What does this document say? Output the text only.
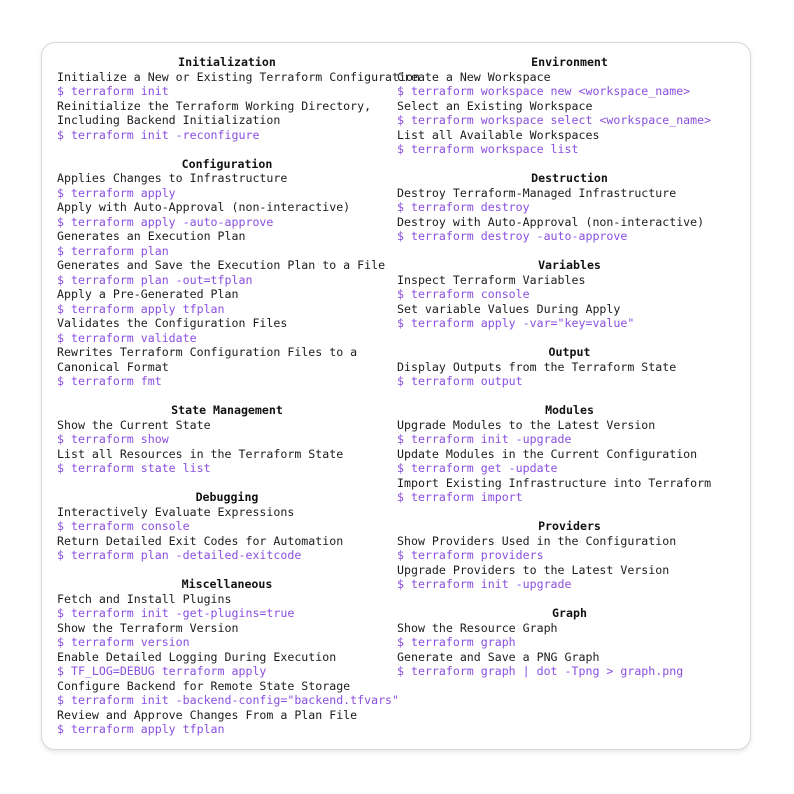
Initialization
Initialize a New or Existing Terraform Configuration
$ terraform init
Reinitialize the Terraform Working Directory,
Including Backend Initialization
$ terraform init -reconfigure
Configuration
Applies Changes to Infrastructure
$ terraform apply
Apply with Auto-Approval (non-interactive)
$ terraform apply -auto-approve
Generates an Execution Plan
$ terraform plan
Generates and Save the Execution Plan to a File
$ terraform plan -out=tfplan
Apply a Pre-Generated Plan
$ terraform apply tfplan
Validates the Configuration Files
$ terraform validate
Rewrites Terraform Configuration Files to a
Canonical Format
$ terraform fmt
State Management
Show the Current State
$ terraform show
List all Resources in the Terraform State
$ terraform state list
Debugging
Interactively Evaluate Expressions
$ terraform console
Return Detailed Exit Codes for Automation
$ terraform plan -detailed-exitcode
Miscellaneous
Fetch and Install Plugins
$ terraform init -get-plugins=true
Show the Terraform Version
$ terraform version
Enable Detailed Logging During Execution
$ TF_LOG=DEBUG terraform apply
Configure Backend for Remote State Storage
$ terraform init -backend-config="backend.tfvars"
Review and Approve Changes From a Plan File
$ terraform apply tfplan
Environment
Create a New Workspace
$ terraform workspace new <workspace_name>
Select an Existing Workspace
$ terraform workspace select <workspace_name>
List all Available Workspaces
$ terraform workspace list
Destruction
Destroy Terraform-Managed Infrastructure
$ terraform destroy
Destroy with Auto-Approval (non-interactive)
$ terraform destroy -auto-approve
Variables
Inspect Terraform Variables
$ terraform console
Set variable Values During Apply
$ terraform apply -var="key=value"
Output
Display Outputs from the Terraform State
$ terraform output
Modules
Upgrade Modules to the Latest Version
$ terraform init -upgrade
Update Modules in the Current Configuration
$ terraform get -update
Import Existing Infrastructure into Terraform
$ terraform import
Providers
Show Providers Used in the Configuration
$ terraform providers
Upgrade Providers to the Latest Version
$ terraform init -upgrade
Graph
Show the Resource Graph
$ terraform graph
Generate and Save a PNG Graph
$ terraform graph | dot -Tpng > graph.png
